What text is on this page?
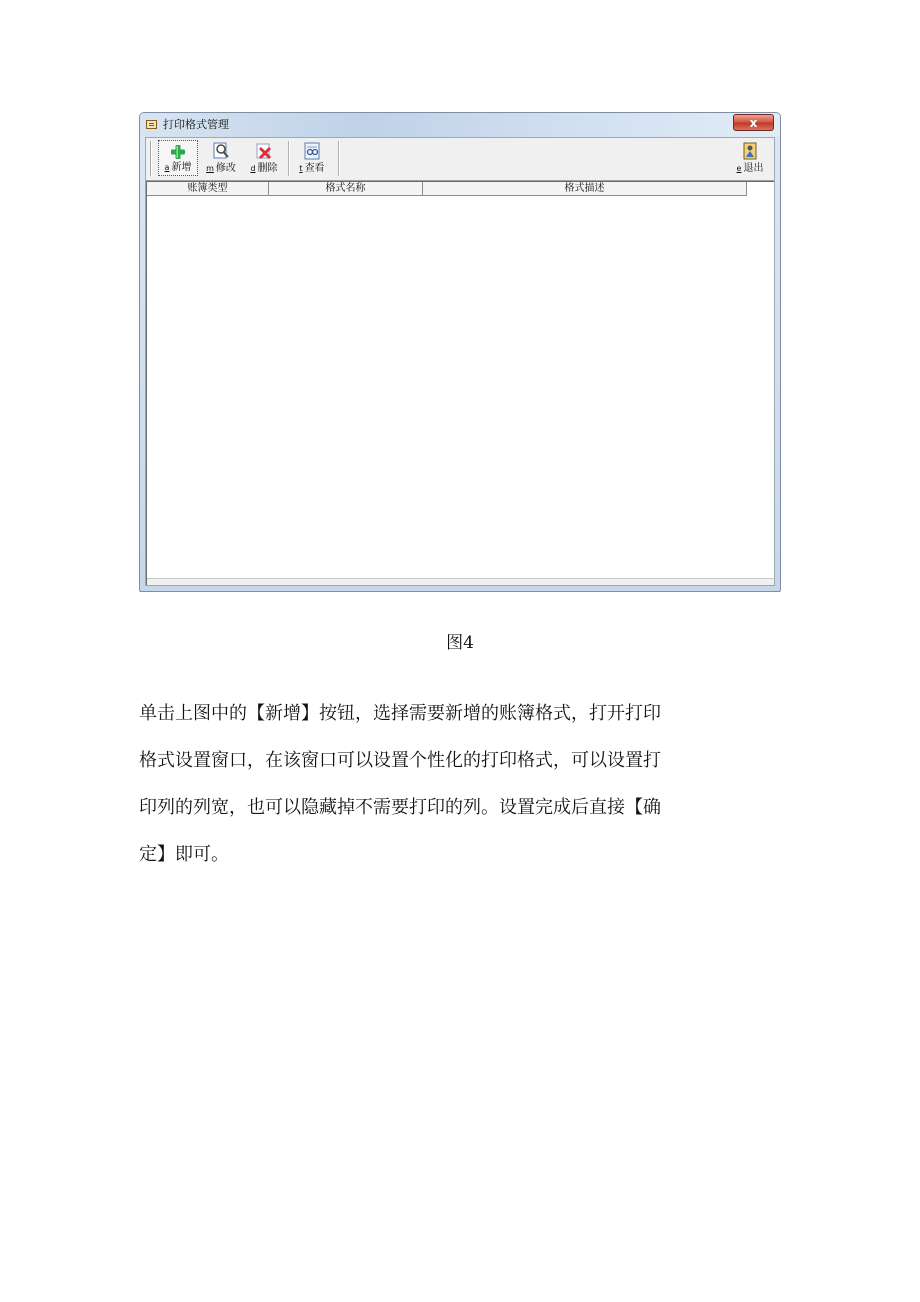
打印格式管理	x
a 新增	m 修改	d 删除	t 查看	e 退出
账簿类型	格式名称	格式描述
图4

单击上图中的【新增】按钮，选择需要新增的账簿格式，打开打印
格式设置窗口，在该窗口可以设置个性化的打印格式，可以设置打
印列的列宽，也可以隐藏掉不需要打印的列。设置完成后直接【确
定】即可。
